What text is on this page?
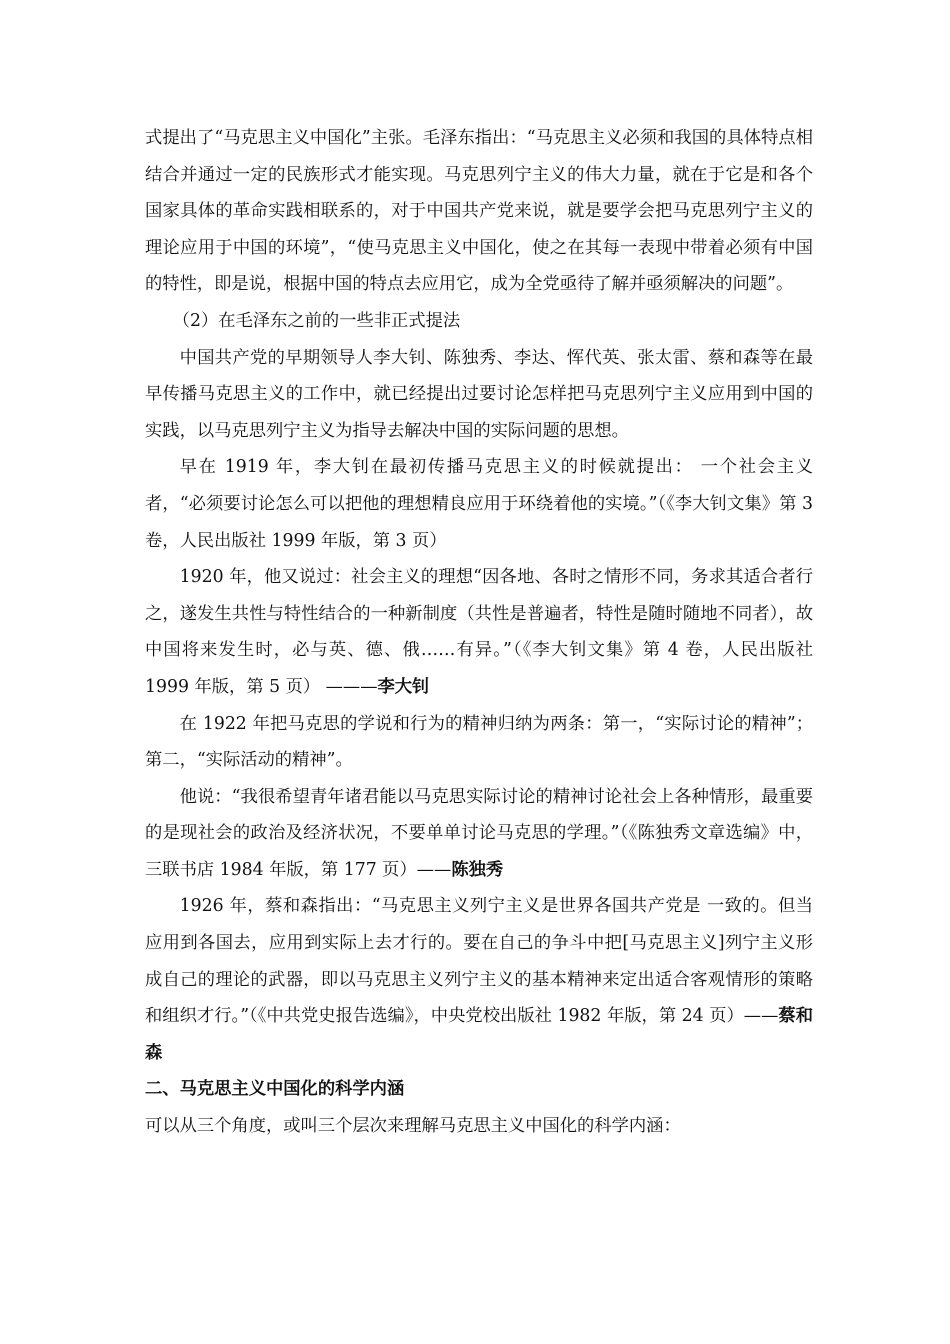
式提出了“马克思主义中国化”主张。毛泽东指出：“马克思主义必须和我国的具体特点相结合并通过一定的民族形式才能实现。马克思列宁主义的伟大力量，就在于它是和各个国家具体的革命实践相联系的，对于中国共产党来说，就是要学会把马克思列宁主义的理论应用于中国的环境”，“使马克思主义中国化，使之在其每一表现中带着必须有中国的特性，即是说，根据中国的特点去应用它，成为全党亟待了解并亟须解决的问题”。

（2）在毛泽东之前的一些非正式提法

中国共产党的早期领导人李大钊、陈独秀、李达、恽代英、张太雷、蔡和森等在最早传播马克思主义的工作中，就已经提出过要讨论怎样把马克思列宁主义应用到中国的实践，以马克思列宁主义为指导去解决中国的实际问题的思想。

早在 1919 年，李大钊在最初传播马克思主义的时候就提出： 一个社会主义者，“必须要讨论怎么可以把他的理想精良应用于环绕着他的实境。”（《李大钊文集》第 3 卷，人民出版社 1999 年版，第 3 页）

1920 年，他又说过：社会主义的理想“因各地、各时之情形不同，务求其适合者行之，遂发生共性与特性结合的一种新制度（共性是普遍者，特性是随时随地不同者），故中国将来发生时，必与英、德、俄……有异。”（《李大钊文集》第 4 卷，人民出版社 1999 年版，第 5 页） ———李大钊

在 1922 年把马克思的学说和行为的精神归纳为两条：第一，“实际讨论的精神”；第二，“实际活动的精神”。

他说：“我很希望青年诸君能以马克思实际讨论的精神讨论社会上各种情形，最重要的是现社会的政治及经济状况，不要单单讨论马克思的学理。”（《陈独秀文章选编》中，三联书店 1984 年版，第 177 页）——陈独秀

1926 年，蔡和森指出：“马克思主义列宁主义是世界各国共产党是 一致的。但当应用到各国去，应用到实际上去才行的。要在自己的争斗中把[马克思主义]列宁主义形成自己的理论的武器，即以马克思主义列宁主义的基本精神来定出适合客观情形的策略和组织才行。”（《中共党史报告选编》，中央党校出版社 1982 年版，第 24 页）——蔡和森

二、马克思主义中国化的科学内涵

可以从三个角度，或叫三个层次来理解马克思主义中国化的科学内涵：
